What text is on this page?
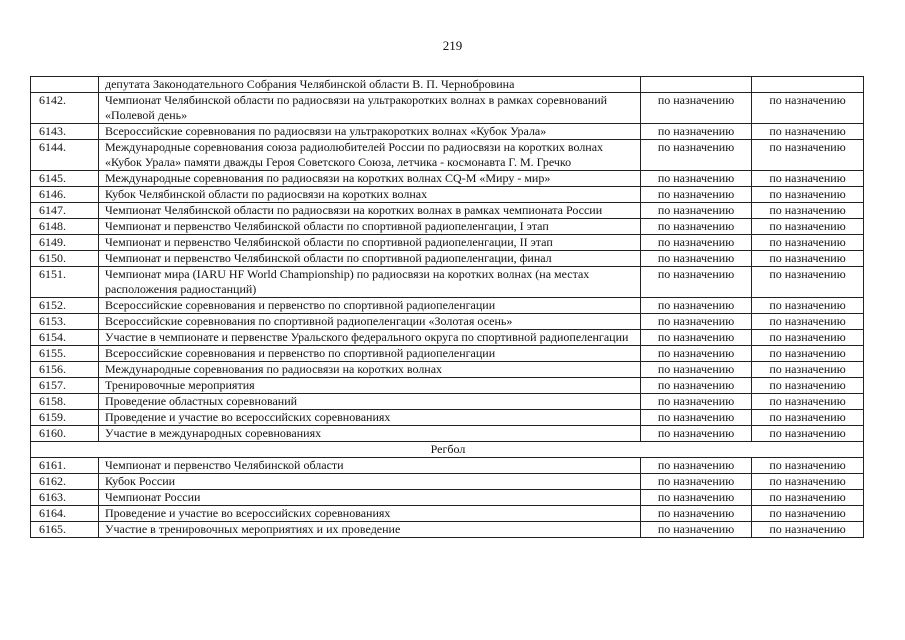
219
	депутата Законодательного Собрания Челябинской области В. П. Чернобровина		
6142.	Чемпионат Челябинской области по радиосвязи на ультракоротких волнах в рамках соревнований «Полевой день»	по назначению	по назначению
6143.	Всероссийские соревнования по радиосвязи на ультракоротких волнах «Кубок Урала»	по назначению	по назначению
6144.	Международные соревнования союза радиолюбителей России по радиосвязи на коротких волнах «Кубок Урала» памяти дважды Героя Советского Союза, летчика - космонавта Г. М. Гречко	по назначению	по назначению
6145.	Международные соревнования по радиосвязи на коротких волнах CQ-M «Миру - мир»	по назначению	по назначению
6146.	Кубок Челябинской области по радиосвязи на коротких волнах	по назначению	по назначению
6147.	Чемпионат Челябинской области по радиосвязи на коротких волнах в рамках чемпионата России	по назначению	по назначению
6148.	Чемпионат и первенство Челябинской области по спортивной радиопеленгации, I этап	по назначению	по назначению
6149.	Чемпионат и первенство Челябинской области по спортивной радиопеленгации, II этап	по назначению	по назначению
6150.	Чемпионат и первенство Челябинской области по спортивной радиопеленгации, финал	по назначению	по назначению
6151.	Чемпионат мира (IARU HF World Championship) по радиосвязи на коротких волнах (на местах расположения радиостанций)	по назначению	по назначению
6152.	Всероссийские соревнования и первенство по спортивной радиопеленгации	по назначению	по назначению
6153.	Всероссийские соревнования по спортивной радиопеленгации «Золотая осень»	по назначению	по назначению
6154.	Участие в чемпионате и первенстве Уральского федерального округа по спортивной радиопеленгации	по назначению	по назначению
6155.	Всероссийские соревнования и первенство по спортивной радиопеленгации	по назначению	по назначению
6156.	Международные соревнования по радиосвязи на коротких волнах	по назначению	по назначению
6157.	Тренировочные мероприятия	по назначению	по назначению
6158.	Проведение областных соревнований	по назначению	по назначению
6159.	Проведение и участие во всероссийских соревнованиях	по назначению	по назначению
6160.	Участие в международных соревнованиях	по назначению	по назначению
Регбол			
6161.	Чемпионат и первенство Челябинской области	по назначению	по назначению
6162.	Кубок России	по назначению	по назначению
6163.	Чемпионат России	по назначению	по назначению
6164.	Проведение и участие во всероссийских соревнованиях	по назначению	по назначению
6165.	Участие в тренировочных мероприятиях и их проведение	по назначению	по назначению
